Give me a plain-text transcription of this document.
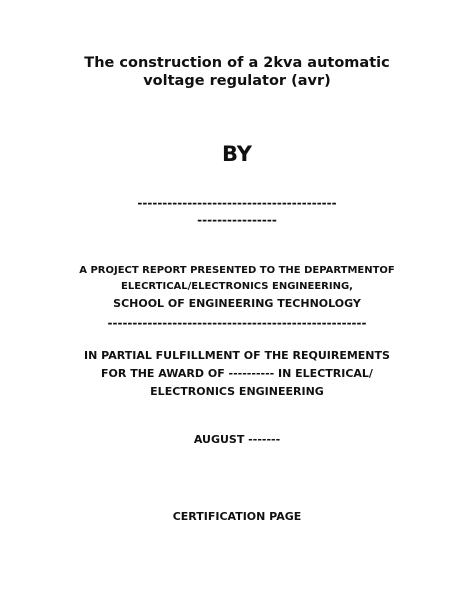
The construction of a 2kva automatic
voltage regulator (avr)
BY
----------------------------------------
----------------
A PROJECT REPORT PRESENTED TO THE DEPARTMENTOF
ELECRTICAL/ELECTRONICS ENGINEERING,
SCHOOL OF ENGINEERING TECHNOLOGY
----------------------------------------------------
IN PARTIAL FULFILLMENT OF THE REQUIREMENTS
FOR THE AWARD OF ---------- IN ELECTRICAL/
ELECTRONICS ENGINEERING
AUGUST -------
CERTIFICATION PAGE
